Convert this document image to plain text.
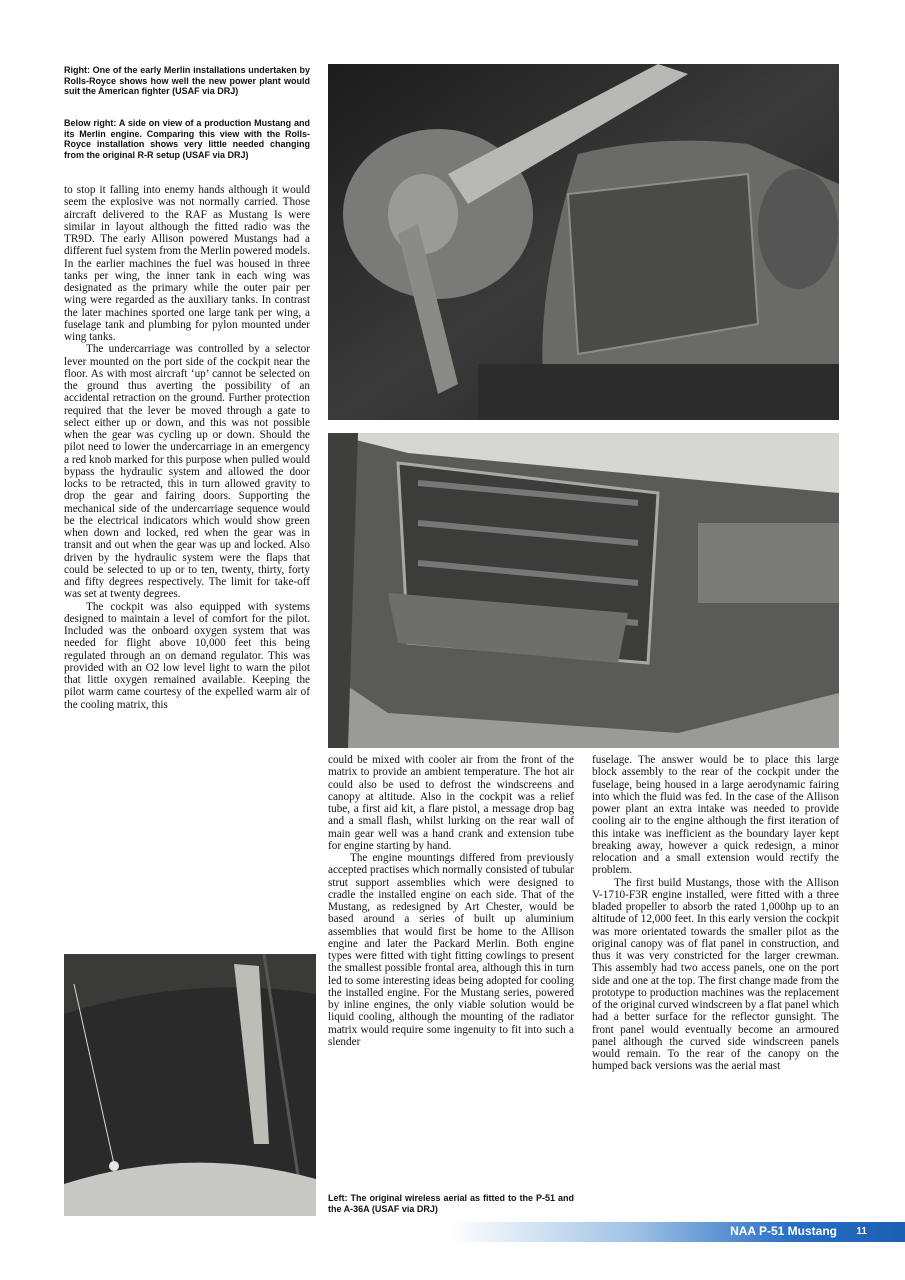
Right: One of the early Merlin installations undertaken by Rolls-Royce shows how well the new power plant would suit the American fighter (USAF via DRJ)
Below right: A side on view of a production Mustang and its Merlin engine. Comparing this view with the Rolls-Royce installation shows very little needed changing from the original R-R setup (USAF via DRJ)

to stop it falling into enemy hands although it would seem the explosive was not normally carried. Those aircraft delivered to the RAF as Mustang Is were similar in layout although the fitted radio was the TR9D. The early Allison powered Mustangs had a different fuel system from the Merlin powered models. In the earlier machines the fuel was housed in three tanks per wing, the inner tank in each wing was designated as the primary while the outer pair per wing were regarded as the auxiliary tanks. In contrast the later machines sported one large tank per wing, a fuselage tank and plumbing for pylon mounted under wing tanks.

The undercarriage was controlled by a selector lever mounted on the port side of the cockpit near the floor. As with most aircraft ‘up’ cannot be selected on the ground thus averting the possibility of an accidental retraction on the ground. Further protection required that the lever be moved through a gate to select either up or down, and this was not possible when the gear was cycling up or down. Should the pilot need to lower the undercarriage in an emergency a red knob marked for this purpose when pulled would bypass the hydraulic system and allowed the door locks to be retracted, this in turn allowed gravity to drop the gear and fairing doors. Supporting the mechanical side of the undercarriage sequence would be the electrical indicators which would show green when down and locked, red when the gear was in transit and out when the gear was up and locked. Also driven by the hydraulic system were the flaps that could be selected to up or to ten, twenty, thirty, forty and fifty degrees respectively. The limit for take-off was set at twenty degrees.

The cockpit was also equipped with systems designed to maintain a level of comfort for the pilot. Included was the onboard oxygen system that was needed for flight above 10,000 feet this being regulated through an on demand regulator. This was provided with an O2 low level light to warn the pilot that little oxygen remained available. Keeping the pilot warm came courtesy of the expelled warm air of the cooling matrix, this

could be mixed with cooler air from the front of the matrix to provide an ambient temperature. The hot air could also be used to defrost the windscreens and canopy at altitude. Also in the cockpit was a relief tube, a first aid kit, a flare pistol, a message drop bag and a small flash, whilst lurking on the rear wall of main gear well was a hand crank and extension tube for engine starting by hand.

The engine mountings differed from previously accepted practises which normally consisted of tubular strut support assemblies which were designed to cradle the installed engine on each side. That of the Mustang, as redesigned by Art Chester, would be based around a series of built up aluminium assemblies that would first be home to the Allison engine and later the Packard Merlin. Both engine types were fitted with tight fitting cowlings to present the smallest possible frontal area, although this in turn led to some interesting ideas being adopted for cooling the installed engine. For the Mustang series, powered by inline engines, the only viable solution would be liquid cooling, although the mounting of the radiator matrix would require some ingenuity to fit into such a slender

Left: The original wireless aerial as fitted to the P-51 and the A-36A (USAF via DRJ)

fuselage. The answer would be to place this large block assembly to the rear of the cockpit under the fuselage, being housed in a large aerodynamic fairing into which the fluid was fed. In the case of the Allison power plant an extra intake was needed to provide cooling air to the engine although the first iteration of this intake was inefficient as the boundary layer kept breaking away, however a quick redesign, a minor relocation and a small extension would rectify the problem.

The first build Mustangs, those with the Allison V-1710-F3R engine installed, were fitted with a three bladed propeller to absorb the rated 1,000hp up to an altitude of 12,000 feet. In this early version the cockpit was more orientated towards the smaller pilot as the original canopy was of flat panel in construction, and thus it was very constricted for the larger crewman. This assembly had two access panels, one on the port side and one at the top. The first change made from the prototype to production machines was the replacement of the original curved windscreen by a flat panel which had a better surface for the reflector gunsight. The front panel would eventually become an armoured panel although the curved side windscreen panels would remain. To the rear of the canopy on the humped back versions was the aerial mast

NAA P-51 Mustang 11
